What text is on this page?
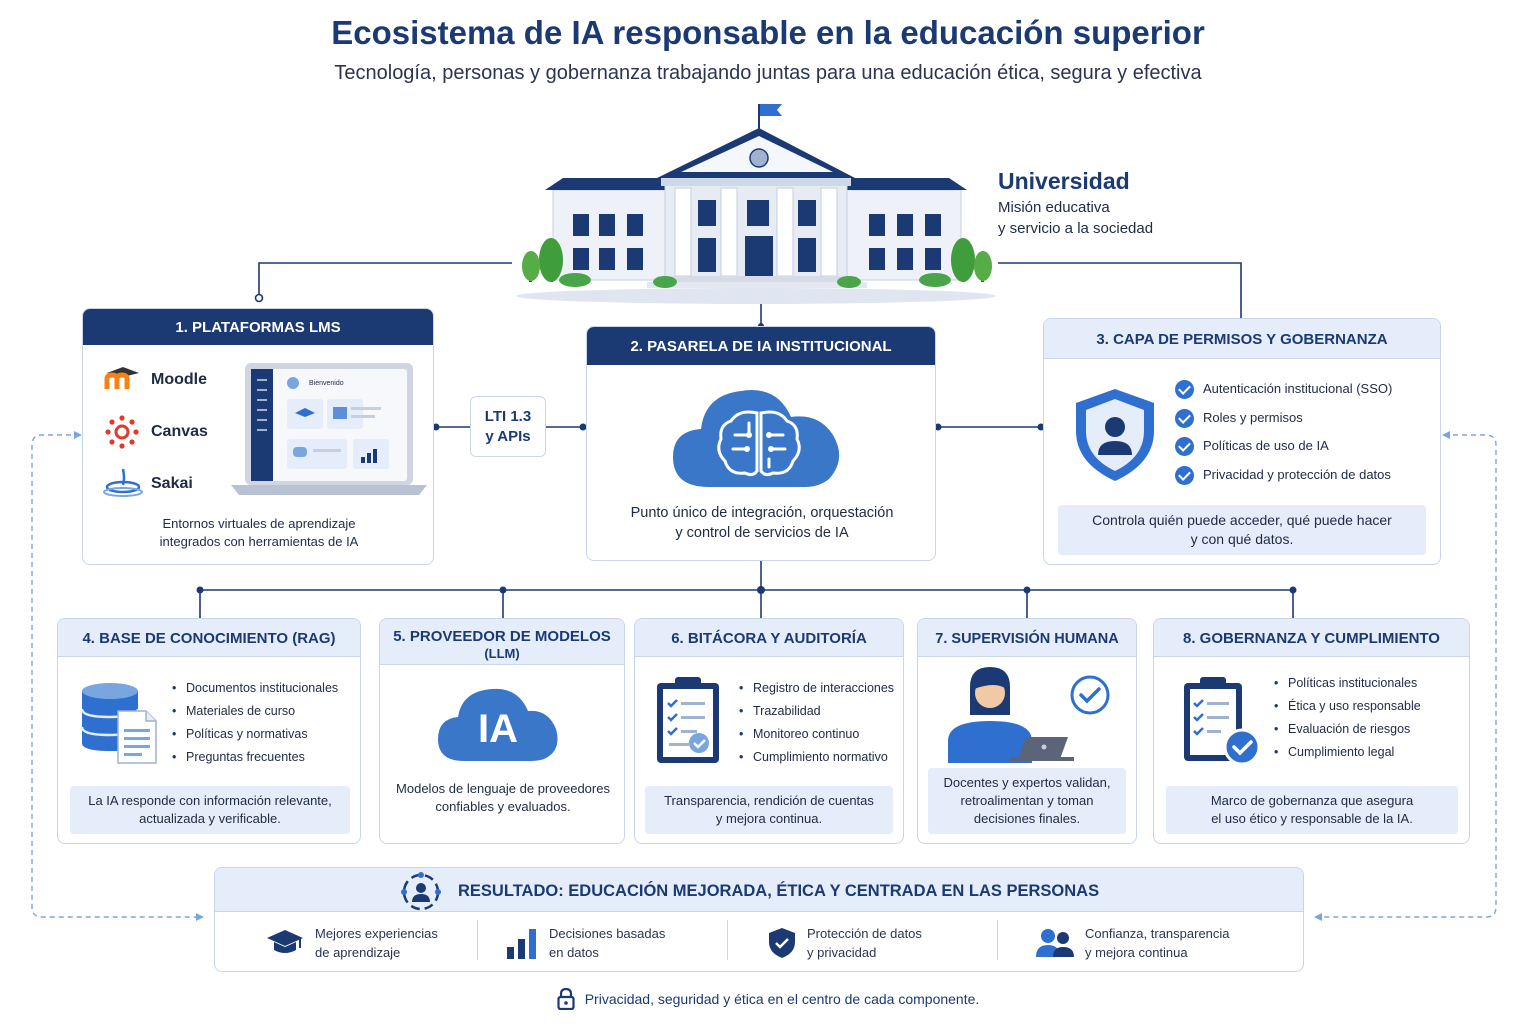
Ecosistema de IA responsable en la educación superior
Tecnología, personas y gobernanza trabajando juntas para una educación ética, segura y efectiva
Universidad
Misión educativa
y servicio a la sociedad
1. PLATAFORMAS LMS
Moodle
Canvas
Sakai
Bienvenido
Entornos virtuales de aprendizaje
integrados con herramientas de IA
LTI 1.3
y APIs
2. PASARELA DE IA INSTITUCIONAL
Punto único de integración, orquestación
y control de servicios de IA
3. CAPA DE PERMISOS Y GOBERNANZA
Autenticación institucional (SSO)
Roles y permisos
Políticas de uso de IA
Privacidad y protección de datos
Controla quién puede acceder, qué puede hacer
y con qué datos.
4. BASE DE CONOCIMIENTO (RAG)
• Documentos institucionales
• Materiales de curso
• Políticas y normativas
• Preguntas frecuentes
La IA responde con información relevante,
actualizada y verificable.
5. PROVEEDOR DE MODELOS
(LLM)
IA
Modelos de lenguaje de proveedores
confiables y evaluados.
6. BITÁCORA Y AUDITORÍA
• Registro de interacciones
• Trazabilidad
• Monitoreo continuo
• Cumplimiento normativo
Transparencia, rendición de cuentas
y mejora continua.
7. SUPERVISIÓN HUMANA
Docentes y expertos validan,
retroalimentan y toman
decisiones finales.
8. GOBERNANZA Y CUMPLIMIENTO
• Políticas institucionales
• Ética y uso responsable
• Evaluación de riesgos
• Cumplimiento legal
Marco de gobernanza que asegura
el uso ético y responsable de la IA.
RESULTADO: EDUCACIÓN MEJORADA, ÉTICA Y CENTRADA EN LAS PERSONAS
Mejores experiencias
de aprendizaje
Decisiones basadas
en datos
Protección de datos
y privacidad
Confianza, transparencia
y mejora continua
Privacidad, seguridad y ética en el centro de cada componente.
